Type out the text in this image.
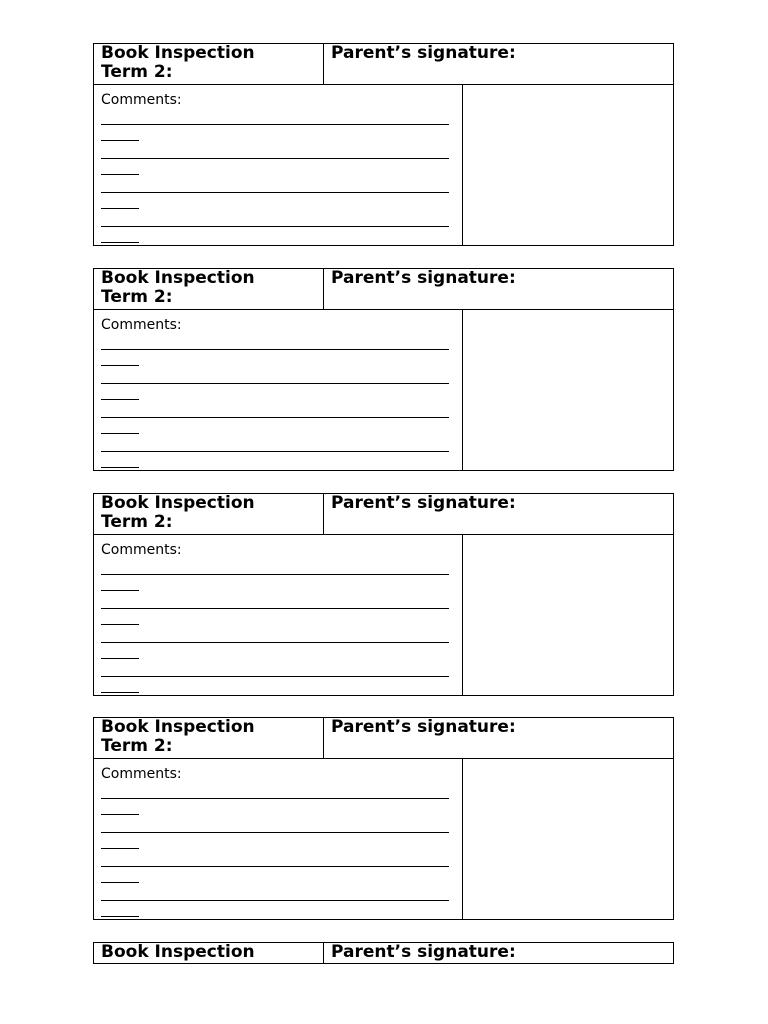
Book Inspection
Term 2:
Parent’s signature:
Comments:
Book Inspection
Term 2:
Parent’s signature:
Comments:
Book Inspection
Term 2:
Parent’s signature:
Comments:
Book Inspection
Term 2:
Parent’s signature:
Comments:
Book Inspection	Parent’s signature:
